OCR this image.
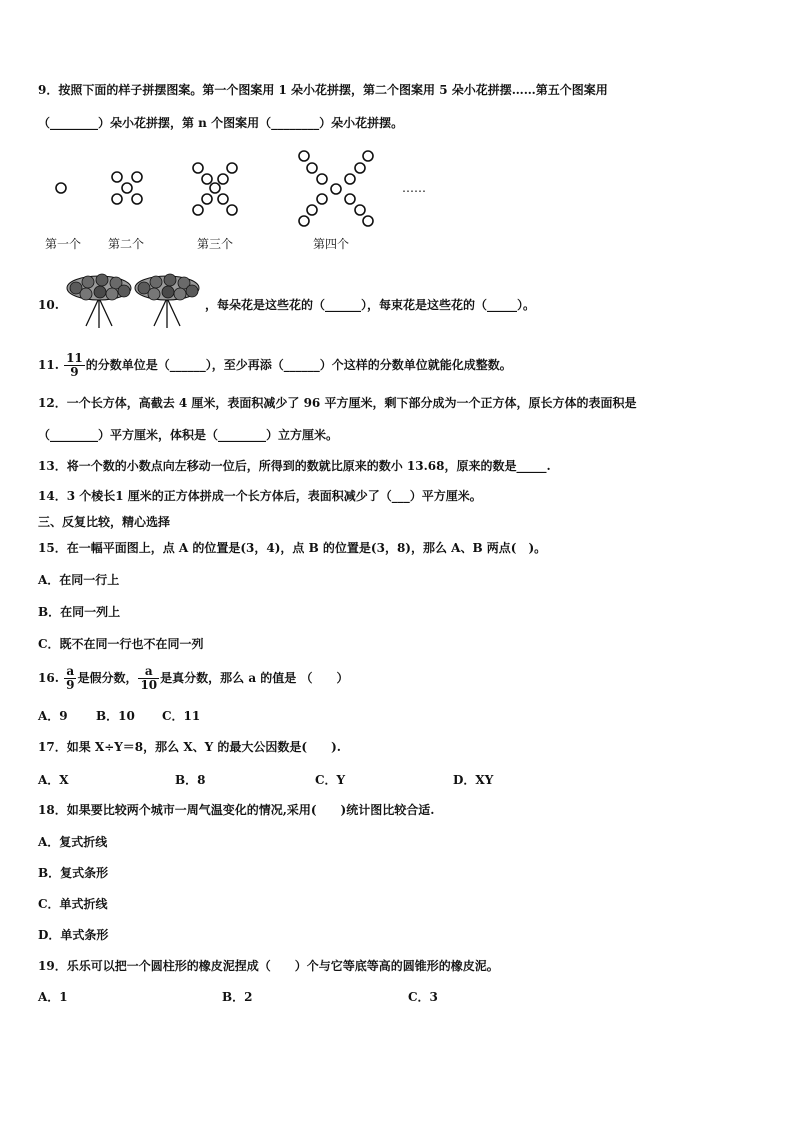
9．按照下面的样子拼摆图案。第一个图案用 1 朵小花拼摆，第二个图案用 5 朵小花拼摆……第五个图案用
（________）朵小花拼摆，第 n 个图案用（________）朵小花拼摆。
……
第一个 第二个	第三个	第四个
10.	，每朵花是这些花的（______），每束花是这些花的（_____）。
11. $\frac{11}{9}$ 的分数单位是（______），至少再添（______）个这样的分数单位就能化成整数。
12．一个长方体，高截去 4 厘米，表面积减少了 96 平方厘米，剩下部分成为一个正方体，原长方体的表面积是
（________）平方厘米，体积是（________）立方厘米。
13．将一个数的小数点向左移动一位后，所得到的数就比原来的数小 13.68，原来的数是_____.
14．3 个棱长1 厘米的正方体拼成一个长方体后，表面积减少了（___）平方厘米。
三、反复比较，精心选择
15．在一幅平面图上，点 A 的位置是(3，4)，点 B 的位置是(3，8)，那么 A、B 两点(　)。
A．在同一行上
B．在同一列上
C．既不在同一行也不在同一列
16. $\frac{a}{9}$ 是假分数， $\frac{a}{10}$ 是真分数，那么 a 的值是 （　　）
A．9 B．10 C．11
17．如果 X÷Y＝8，那么 X、Y 的最大公因数是(　　).
A．X	B．8	C．Y	D．XY
18．如果要比较两个城市一周气温变化的情况,采用(　　)统计图比较合适.
A．复式折线
B．复式条形
C．单式折线
D．单式条形
19．乐乐可以把一个圆柱形的橡皮泥捏成（　　）个与它等底等高的圆锥形的橡皮泥。
A．1	B．2	C．3
